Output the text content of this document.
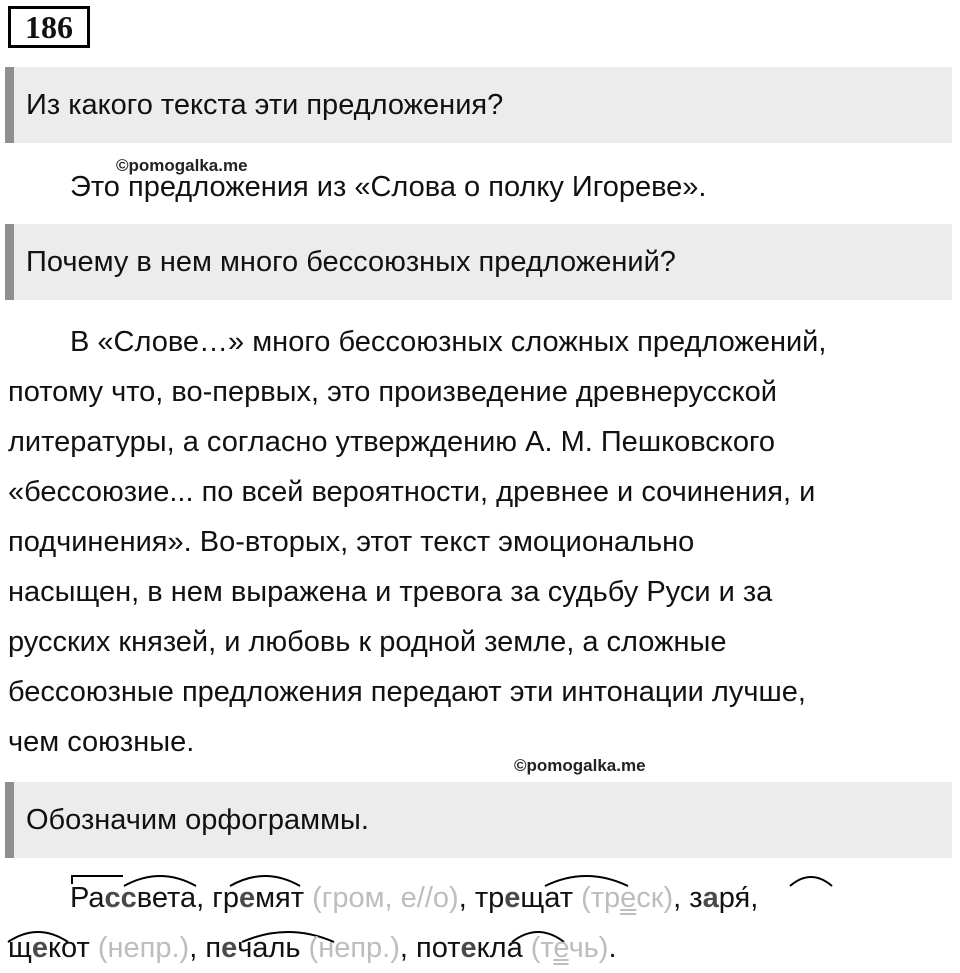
186
Из какого текста эти предложения?
©pomogalka.me
Это предложения из «Слова о полку Игореве».
Почему в нем много бессоюзных предложений?
В «Слове…» много бессоюзных сложных предложений,
потому что, во-первых, это произведение древнерусской
литературы, а согласно утверждению А. М. Пешковского
«бессоюзие... по всей вероятности, древнее и сочинения, и
подчинения». Во-вторых, этот текст эмоционально
насыщен, в нем выражена и тревога за судьбу Руси и за
русских князей, и любовь к родной земле, а сложные
бессоюзные предложения передают эти интонации лучше,
чем союзные.
©pomogalka.me
Обозначим орфограммы.
Рассвета, гремят (гром, е//о), трещат (треск), заря́,
щекот (непр.), печаль (непр.), потекла (течь).
